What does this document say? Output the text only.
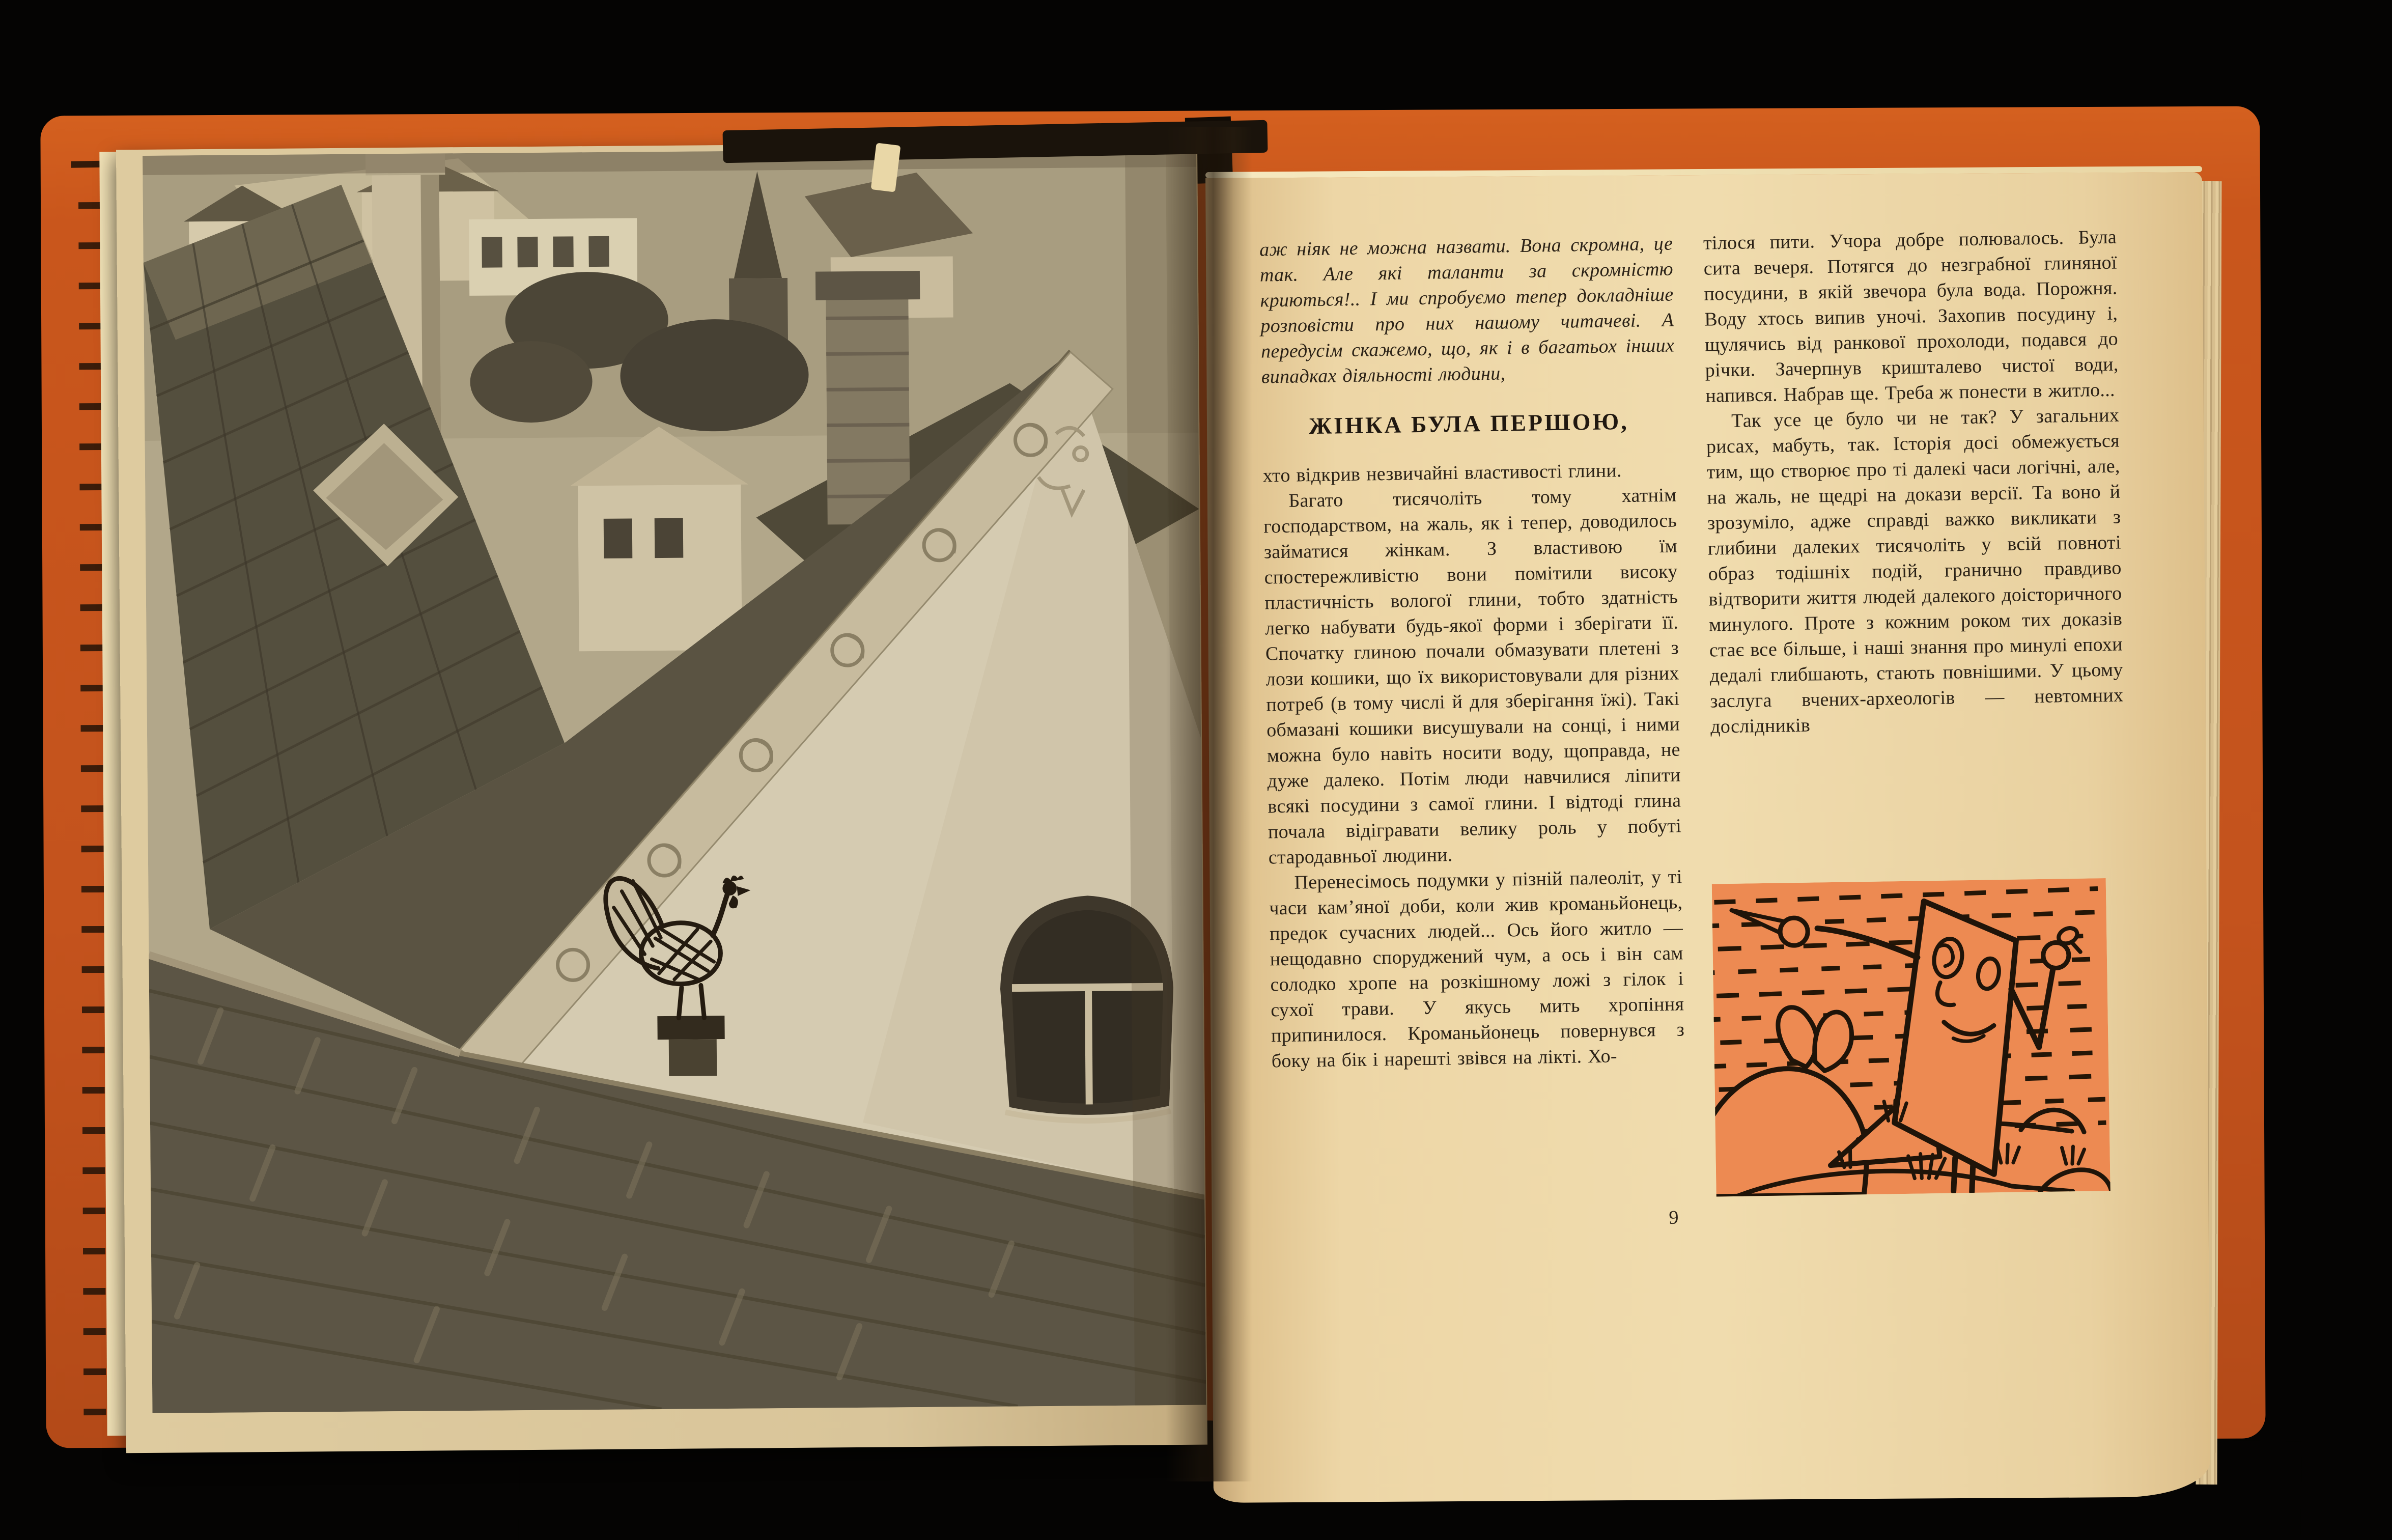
аж ніяк не можна назвати. Вона скромна, це так. Але які таланти за скромністю криються!.. І ми спробуємо тепер докладніше розповісти про них нашому читачеві. А передусім скажемо, що, як і в багатьох інших випадках діяльності людини,

ЖІНКА БУЛА ПЕРШОЮ,

хто відкрив незвичайні властивості глини.

Багато тисячоліть тому хатнім господарством, на жаль, як і тепер, доводилось займатися жінкам. З властивою їм спостережливістю вони помітили високу пластичність вологої глини, тобто здатність легко набувати будь-якої форми і зберігати її. Спочатку глиною почали обмазувати плетені з лози кошики, що їх використовували для різних потреб (в тому числі й для зберігання їжі). Такі обмазані кошики висушували на сонці, і ними можна було навіть носити воду, щоправда, не дуже далеко. Потім люди навчилися ліпити всякі посудини з самої глини. І відтоді глина почала відігравати велику роль у побуті стародавньої людини.

Перенесімось подумки у пізній палеоліт, у ті часи кам’яної доби, коли жив кроманьйонець, предок сучасних людей... Ось його житло — нещодавно споруджений чум, а ось і він сам солодко хропе на розкішному ложі з гілок і сухої трави. У якусь мить хропіння припинилося. Кроманьйонець повернувся з боку на бік і нарешті звівся на лікті. Хо-

тілося пити. Учора добре полювалось. Була сита вечеря. Потягся до незграбної глиняної посудини, в якій звечора була вода. Порожня. Воду хтось випив уночі. Захопив посудину і, щулячись від ранкової прохолоди, подався до річки. Зачерпнув кришталево чистої води, напився. Набрав ще. Треба ж понести в житло...

Так усе це було чи не так? У загальних рисах, мабуть, так. Історія досі обмежується тим, що створює про ті далекі часи логічні, але, на жаль, не щедрі на докази версії. Та воно й зрозуміло, адже справді важко викликати з глибини далеких тисячоліть у всій повноті образ тодішніх подій, гранично правдиво відтворити життя людей далекого доісторичного минулого. Проте з кожним роком тих доказів стає все більше, і наші знання про минулі епохи дедалі глибшають, стають повнішими. У цьому заслуга вчених-археологів — невтомних дослідників

9
